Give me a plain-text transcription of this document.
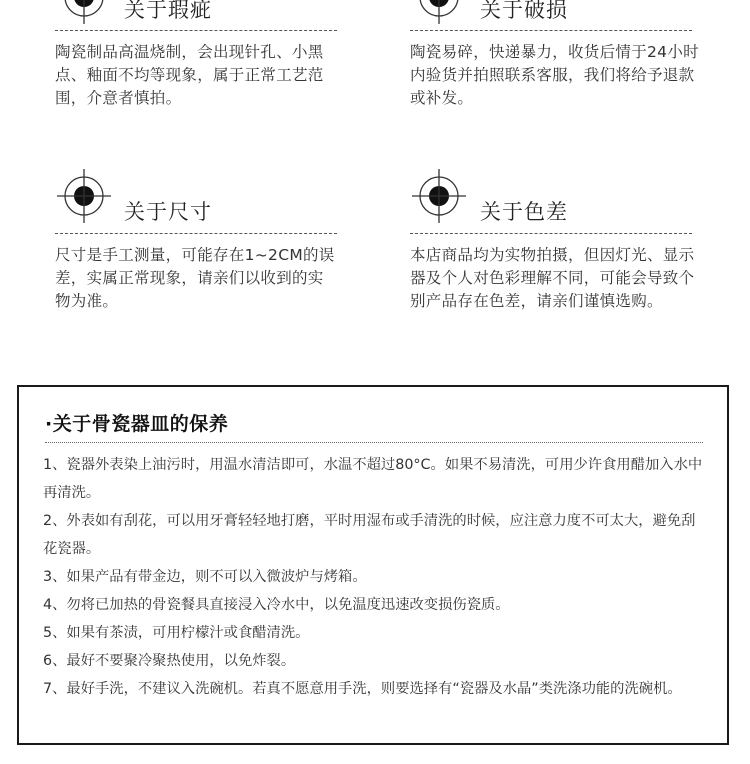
关于瑕疵
陶瓷制品高温烧制，会出现针孔、小黑点、釉面不均等现象，属于正常工艺范围，介意者慎拍。
关于破损
陶瓷易碎，快递暴力，收货后情于24小时内验货并拍照联系客服，我们将给予退款或补发。
关于尺寸
尺寸是手工测量，可能存在1~2CM的误差，实属正常现象，请亲们以收到的实物为准。
关于色差
本店商品均为实物拍摄，但因灯光、显示器及个人对色彩理解不同，可能会导致个别产品存在色差，请亲们谨慎选购。
·关于骨瓷器皿的保养
1、瓷器外表染上油污时，用温水清洁即可，水温不超过80°C。如果不易清洗，可用少许食用醋加入水中再清洗。
2、外表如有刮花，可以用牙膏轻轻地打磨，平时用湿布或手清洗的时候，应注意力度不可太大，避免刮花瓷器。
3、如果产品有带金边，则不可以入微波炉与烤箱。
4、勿将已加热的骨瓷餐具直接浸入冷水中，以免温度迅速改变损伤瓷质。
5、如果有茶渍，可用柠檬汁或食醋清洗。
6、最好不要聚冷聚热使用，以免炸裂。
7、最好手洗，不建议入洗碗机。若真不愿意用手洗，则要选择有“瓷器及水晶”类洗涤功能的洗碗机。
